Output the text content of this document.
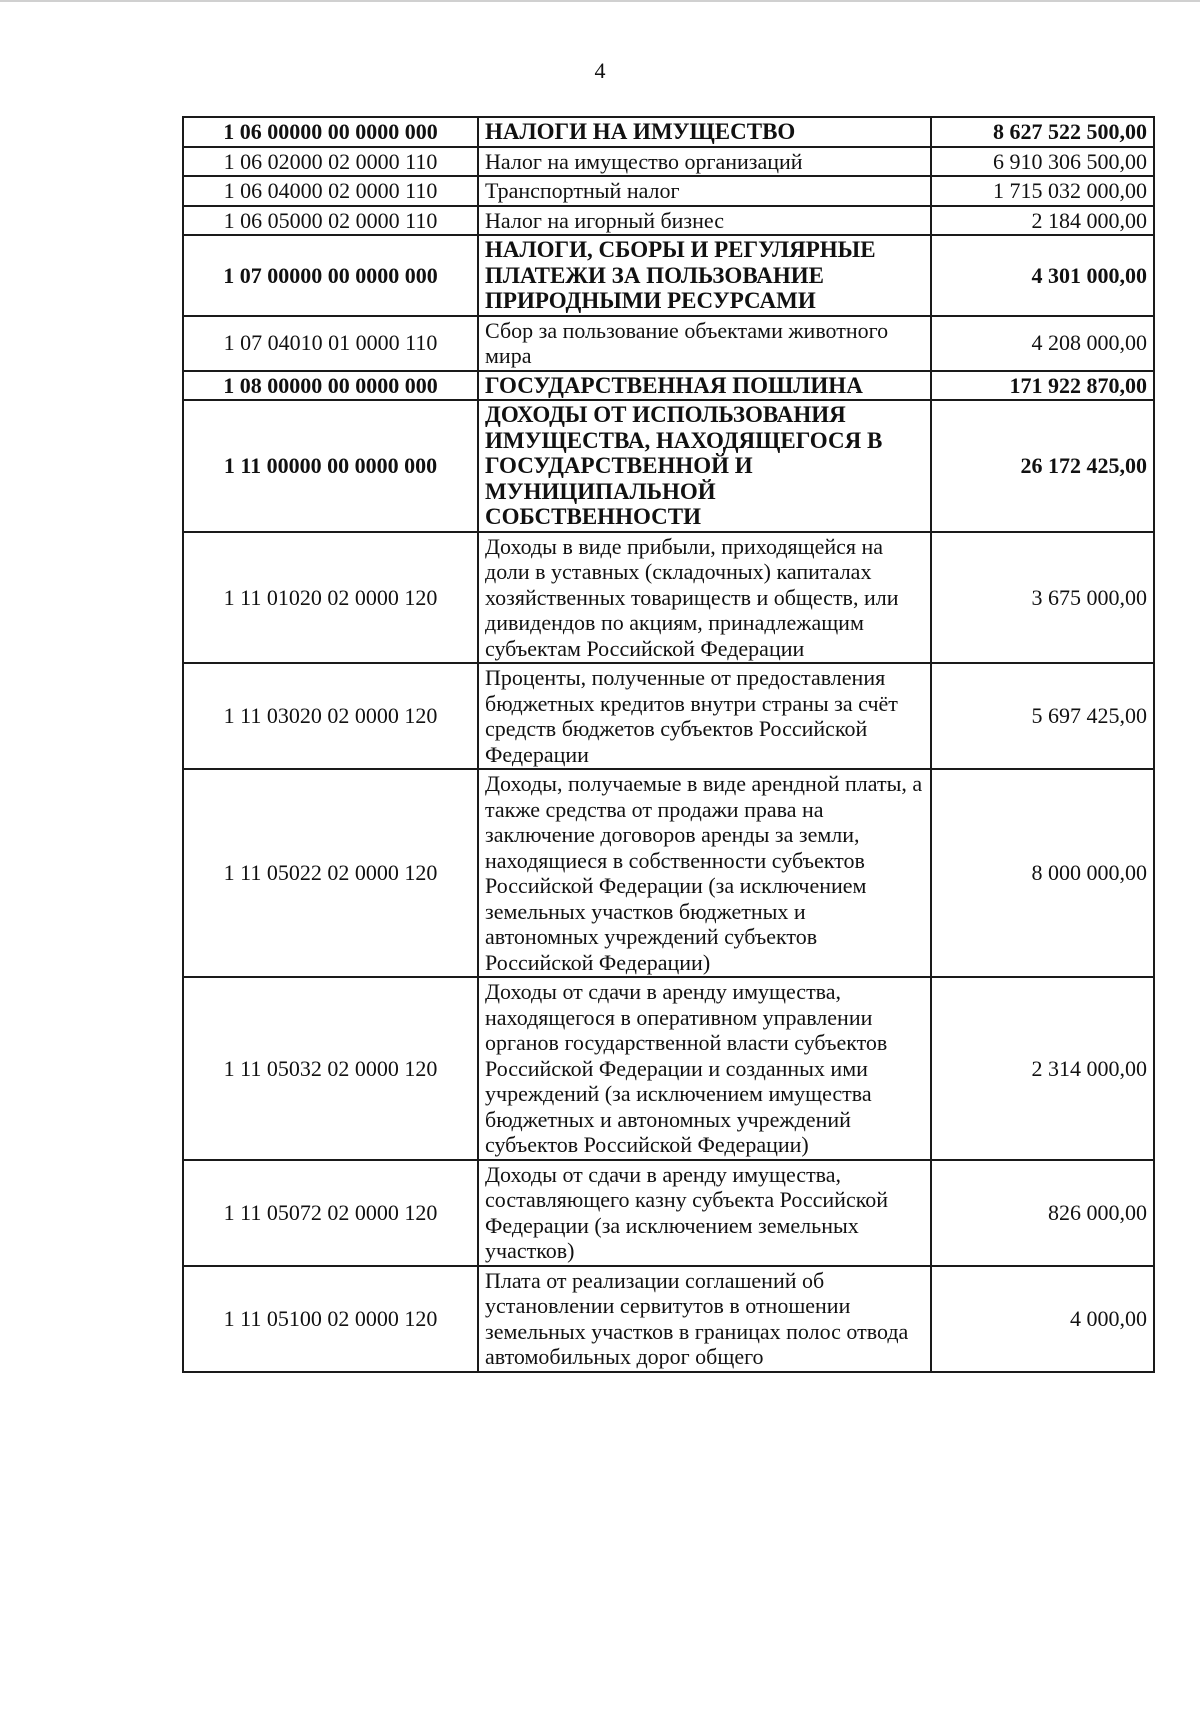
4
1 06 00000 00 0000 000	НАЛОГИ НА ИМУЩЕСТВО	8 627 522 500,00
1 06 02000 02 0000 110	Налог на имущество организаций	6 910 306 500,00
1 06 04000 02 0000 110	Транспортный налог	1 715 032 000,00
1 06 05000 02 0000 110	Налог на игорный бизнес	2 184 000,00
1 07 00000 00 0000 000	НАЛОГИ, СБОРЫ И РЕГУЛЯРНЫЕ ПЛАТЕЖИ ЗА ПОЛЬЗОВАНИЕ ПРИРОДНЫМИ РЕСУРСАМИ	4 301 000,00
1 07 04010 01 0000 110	Сбор за пользование объектами животного мира	4 208 000,00
1 08 00000 00 0000 000	ГОСУДАРСТВЕННАЯ ПОШЛИНА	171 922 870,00
1 11 00000 00 0000 000	ДОХОДЫ ОТ ИСПОЛЬЗОВАНИЯ ИМУЩЕСТВА, НАХОДЯЩЕГОСЯ В ГОСУДАРСТВЕННОЙ И МУНИЦИПАЛЬНОЙ СОБСТВЕННОСТИ	26 172 425,00
1 11 01020 02 0000 120	Доходы в виде прибыли, приходящейся на доли в уставных (складочных) капиталах хозяйственных товариществ и обществ, или дивидендов по акциям, принадлежащим субъектам Российской Федерации	3 675 000,00
1 11 03020 02 0000 120	Проценты, полученные от предоставления бюджетных кредитов внутри страны за счёт средств бюджетов субъектов Российской Федерации	5 697 425,00
1 11 05022 02 0000 120	Доходы, получаемые в виде арендной платы, а также средства от продажи права на заключение договоров аренды за земли, находящиеся в собственности субъектов Российской Федерации (за исключением земельных участков бюджетных и автономных учреждений субъектов Российской Федерации)	8 000 000,00
1 11 05032 02 0000 120	Доходы от сдачи в аренду имущества, находящегося в оперативном управлении органов государственной власти субъектов Российской Федерации и созданных ими учреждений (за исключением имущества бюджетных и автономных учреждений субъектов Российской Федерации)	2 314 000,00
1 11 05072 02 0000 120	Доходы от сдачи в аренду имущества, составляющего казну субъекта Российской Федерации (за исключением земельных участков)	826 000,00
1 11 05100 02 0000 120	Плата от реализации соглашений об установлении сервитутов в отношении земельных участков в границах полос отвода автомобильных дорог общего	4 000,00
